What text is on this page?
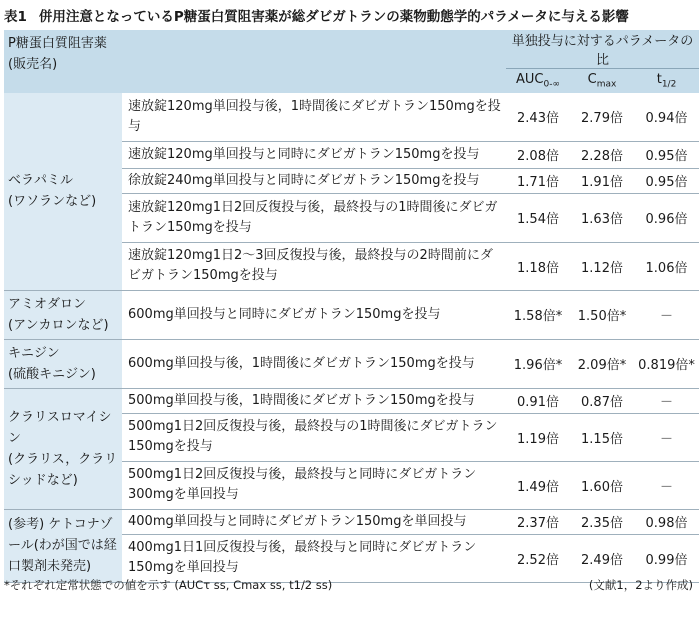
表1 併用注意となっているP糖蛋白質阻害薬が総ダビガトランの薬物動態学的パラメータに与える影響
P糖蛋白質阻害薬
(販売名)		単独投与に対するパラメータの比		
		$AUC_{0-\infty}$	$C_{max}$	$t_{1/2}$
ベラパミル
(ワソランなど)	速放錠120mg単回投与後，1時間後にダビガトラン150mgを投与	2.43倍	2.79倍	0.94倍
	速放錠120mg単回投与と同時にダビガトラン150mgを投与	2.08倍	2.28倍	0.95倍
	徐放錠240mg単回投与と同時にダビガトラン150mgを投与	1.71倍	1.91倍	0.95倍
	速放錠120mg1日2回反復投与後，最終投与の1時間後にダビガトラン150mgを投与	1.54倍	1.63倍	0.96倍
	速放錠120mg1日2～3回反復投与後，最終投与の2時間前にダビガトラン150mgを投与	1.18倍	1.12倍	1.06倍
アミオダロン
(アンカロンなど)	600mg単回投与と同時にダビガトラン150mgを投与	1.58倍*	1.50倍*	－
キニジン
(硫酸キニジン)	600mg単回投与後，1時間後にダビガトラン150mgを投与	1.96倍*	2.09倍*	0.819倍*
クラリスロマイシン
(クラリス，クラリシッドなど)	500mg単回投与後，1時間後にダビガトラン150mgを投与	0.91倍	0.87倍	－
	500mg1日2回反復投与後，最終投与の1時間後にダビガトラン150mgを投与	1.19倍	1.15倍	－
	500mg1日2回反復投与後，最終投与と同時にダビガトラン300mgを単回投与	1.49倍	1.60倍	－
(参考) ケトコナゾール(わが国では経口製剤未発売)	400mg単回投与と同時にダビガトラン150mgを単回投与	2.37倍	2.35倍	0.98倍
	400mg1日1回反復投与後，最終投与と同時にダビガトラン150mgを単回投与	2.52倍	2.49倍	0.99倍
*それぞれ定常状態での値を示す (AUCτ ss, Cmax ss, t1/2 ss)	(文献1，2より作成)
